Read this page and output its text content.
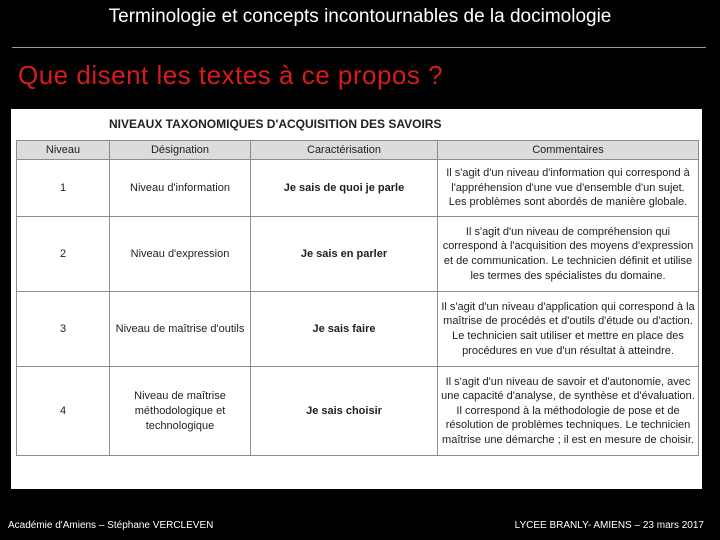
Terminologie et concepts incontournables de la docimologie
Que disent les textes à ce propos ?
NIVEAUX TAXONOMIQUES D'ACQUISITION DES SAVOIRS
Niveau	Désignation	Caractérisation	Commentaires
1	Niveau d'information	Je sais de quoi je parle	Il s'agit d'un niveau d'information qui correspond à l'appréhension d'une vue d'ensemble d'un sujet. Les problèmes sont abordés de manière globale.
2	Niveau d'expression	Je sais en parler	Il s'agit d'un niveau de compréhension qui correspond à l'acquisition des moyens d'expression et de communication. Le technicien définit et utilise les termes des spécialistes du domaine.
3	Niveau de maîtrise d'outils	Je sais faire	Il s'agit d'un niveau d'application qui correspond à la maîtrise de procédés et d'outils d'étude ou d'action. Le technicien sait utiliser et mettre en place des procédures en vue d'un résultat à atteindre.
4	Niveau de maîtrise méthodologique et technologique	Je sais choisir	Il s'agit d'un niveau de savoir et d'autonomie, avec une capacité d'analyse, de synthèse et d'évaluation. Il correspond à la méthodologie de pose et de résolution de problèmes techniques. Le technicien maîtrise une démarche ; il est en mesure de choisir.
Académie d'Amiens – Stéphane VERCLEVEN	LYCEE BRANLY- AMIENS – 23 mars 2017
